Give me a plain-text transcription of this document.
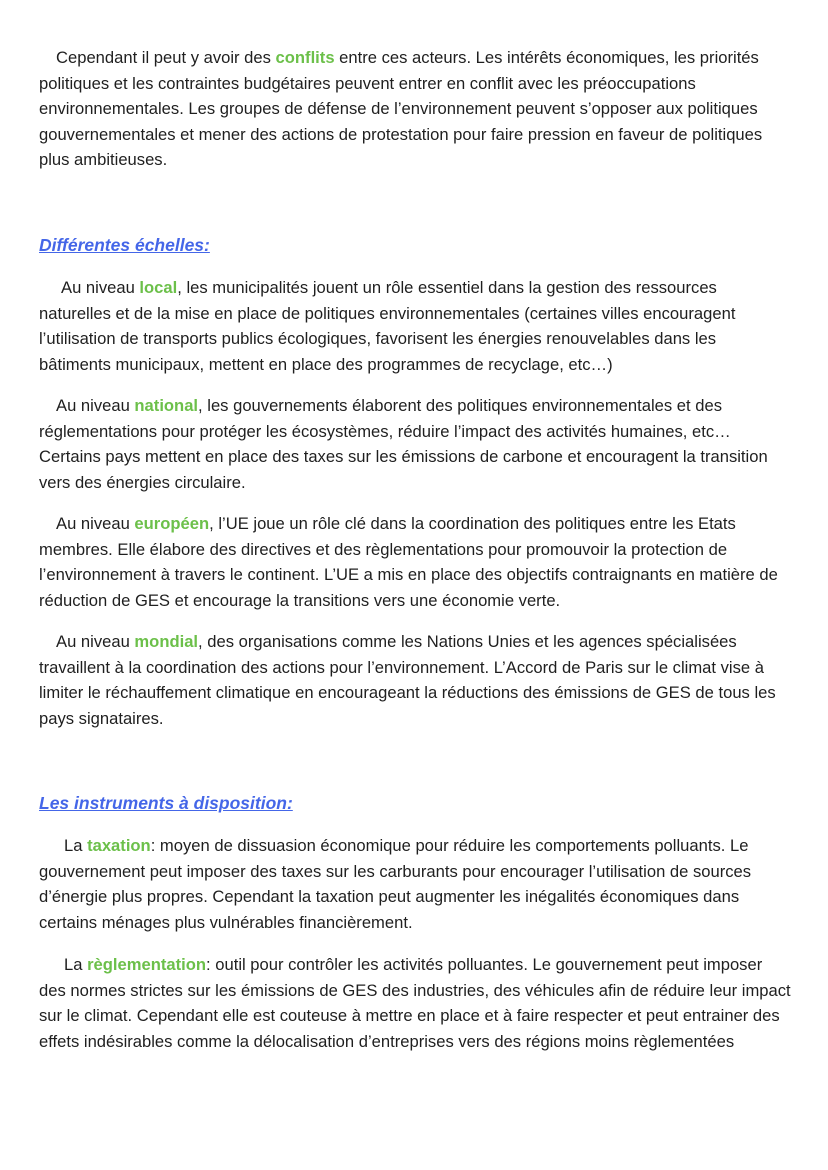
Cependant il peut y avoir des conflits entre ces acteurs. Les intérêts économiques, les priorités politiques et les contraintes budgétaires peuvent entrer en conflit avec les préoccupations environnementales. Les groupes de défense de l’environnement peuvent s’opposer aux politiques gouvernementales et mener des actions de protestation pour faire pression en faveur de politiques plus ambitieuses.

Différentes échelles:

Au niveau local, les municipalités jouent un rôle essentiel dans la gestion des ressources naturelles et de la mise en place de politiques environnementales (certaines villes encouragent l’utilisation de transports publics écologiques, favorisent les énergies renouvelables dans les bâtiments municipaux, mettent en place des programmes de recyclage, etc…)

Au niveau national, les gouvernements élaborent des politiques environnementales et des réglementations pour protéger les écosystèmes, réduire l’impact des activités humaines, etc…Certains pays mettent en place des taxes sur les émissions de carbone et encouragent la transition vers des énergies circulaire.

Au niveau européen, l’UE joue un rôle clé dans la coordination des politiques entre les Etats membres. Elle élabore des directives et des règlementations pour promouvoir la protection de l’environnement à travers le continent. L’UE a mis en place des objectifs contraignants en matière de réduction de GES et encourage la transitions vers une économie verte.

Au niveau mondial, des organisations comme les Nations Unies et les agences spécialisées travaillent à la coordination des actions pour l’environnement. L’Accord de Paris sur le climat vise à limiter le réchauffement climatique en encourageant la réductions des émissions de GES de tous les pays signataires.

Les instruments à disposition:

La taxation: moyen de dissuasion économique pour réduire les comportements polluants. Le gouvernement peut imposer des taxes sur les carburants pour encourager l’utilisation de sources d’énergie plus propres. Cependant la taxation peut augmenter les inégalités économiques dans certains ménages plus vulnérables financièrement.

La règlementation: outil pour contrôler les activités polluantes. Le gouvernement peut imposer des normes strictes sur les émissions de GES des industries, des véhicules afin de réduire leur impact sur le climat. Cependant elle est couteuse à mettre en place et à faire respecter et peut entrainer des effets indésirables comme la délocalisation d’entreprises vers des régions moins règlementées
